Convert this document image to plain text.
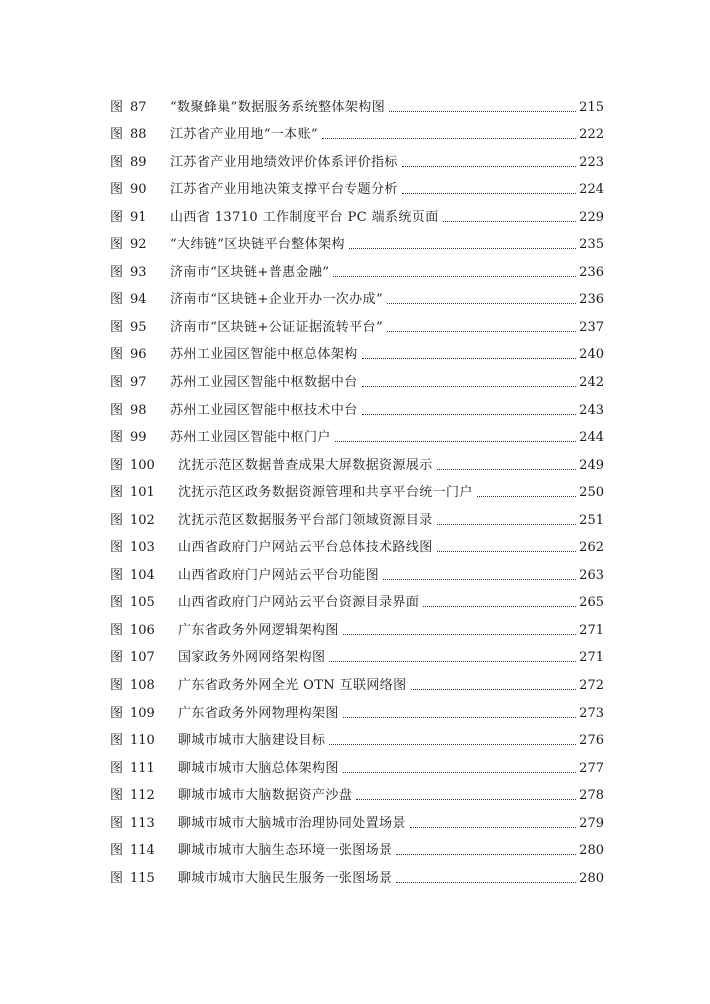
图 87	“数聚蜂巢”数据服务系统整体架构图	215
图 88	江苏省产业用地“一本账”	222
图 89	江苏省产业用地绩效评价体系评价指标	223
图 90	江苏省产业用地决策支撑平台专题分析	224
图 91	山西省 13710 工作制度平台 PC 端系统页面	229
图 92	“大纬链”区块链平台整体架构	235
图 93	济南市“区块链+普惠金融”	236
图 94	济南市“区块链+企业开办一次办成”	236
图 95	济南市“区块链+公证证据流转平台”	237
图 96	苏州工业园区智能中枢总体架构	240
图 97	苏州工业园区智能中枢数据中台	242
图 98	苏州工业园区智能中枢技术中台	243
图 99	苏州工业园区智能中枢门户	244
图 100	沈抚示范区数据普查成果大屏数据资源展示	249
图 101	沈抚示范区政务数据资源管理和共享平台统一门户	250
图 102	沈抚示范区数据服务平台部门领域资源目录	251
图 103	山西省政府门户网站云平台总体技术路线图	262
图 104	山西省政府门户网站云平台功能图	263
图 105	山西省政府门户网站云平台资源目录界面	265
图 106	广东省政务外网逻辑架构图	271
图 107	国家政务外网网络架构图	271
图 108	广东省政务外网全光 OTN 互联网络图	272
图 109	广东省政务外网物理构架图	273
图 110	聊城市城市大脑建设目标	276
图 111	聊城市城市大脑总体架构图	277
图 112	聊城市城市大脑数据资产沙盘	278
图 113	聊城市城市大脑城市治理协同处置场景	279
图 114	聊城市城市大脑生态环境一张图场景	280
图 115	聊城市城市大脑民生服务一张图场景	280
